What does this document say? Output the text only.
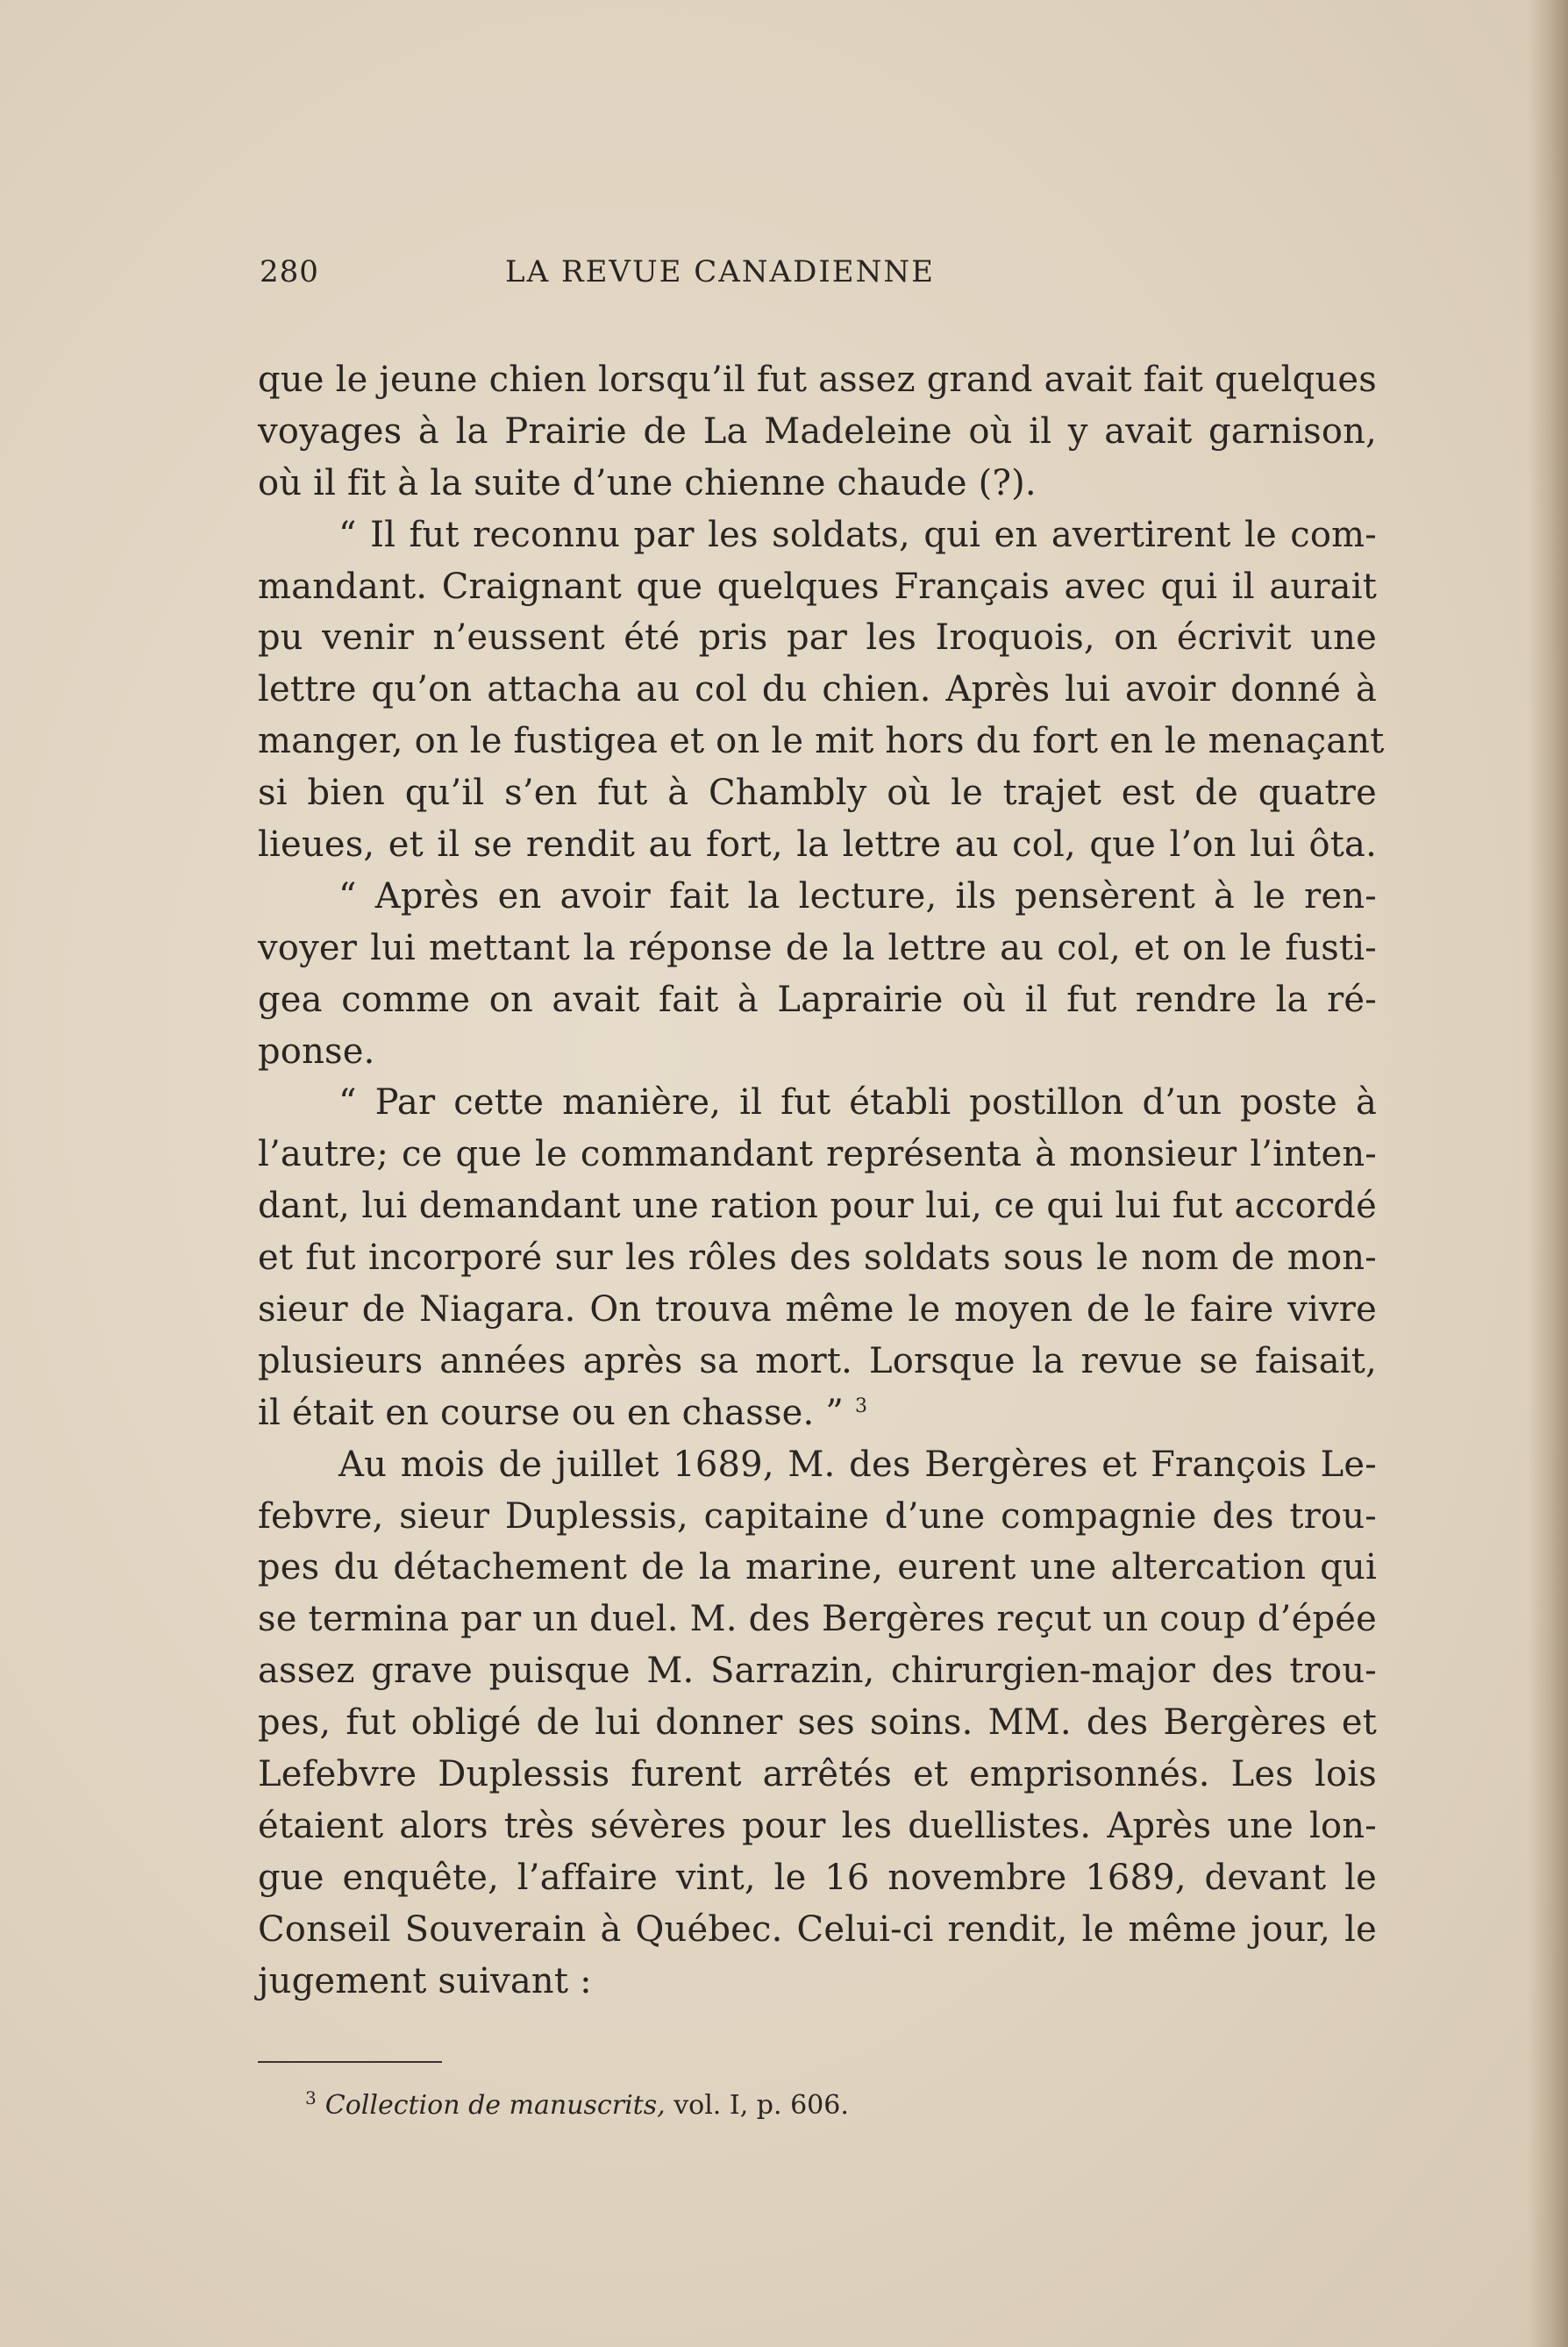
280	LA REVUE CANADIENNE
que le jeune chien lorsqu’il fut assez grand avait fait quelques
voyages à la Prairie de La Madeleine où il y avait garnison,
où il fit à la suite d’une chienne chaude (?).
“ Il fut reconnu par les soldats, qui en avertirent le com-
mandant. Craignant que quelques Français avec qui il aurait
pu venir n’eussent été pris par les Iroquois, on écrivit une
lettre qu’on attacha au col du chien. Après lui avoir donné à
manger, on le fustigea et on le mit hors du fort en le menaçant
si bien qu’il s’en fut à Chambly où le trajet est de quatre
lieues, et il se rendit au fort, la lettre au col, que l’on lui ôta.
“ Après en avoir fait la lecture, ils pensèrent à le ren-
voyer lui mettant la réponse de la lettre au col, et on le fusti-
gea comme on avait fait à Laprairie où il fut rendre la ré-
ponse.
“ Par cette manière, il fut établi postillon d’un poste à
l’autre; ce que le commandant représenta à monsieur l’inten-
dant, lui demandant une ration pour lui, ce qui lui fut accordé
et fut incorporé sur les rôles des soldats sous le nom de mon-
sieur de Niagara. On trouva même le moyen de le faire vivre
plusieurs années après sa mort. Lorsque la revue se faisait,
il était en course ou en chasse. ” $^3$
Au mois de juillet 1689, M. des Bergères et François Le-
febvre, sieur Duplessis, capitaine d’une compagnie des trou-
pes du détachement de la marine, eurent une altercation qui
se termina par un duel. M. des Bergères reçut un coup d’épée
assez grave puisque M. Sarrazin, chirurgien-major des trou-
pes, fut obligé de lui donner ses soins. MM. des Bergères et
Lefebvre Duplessis furent arrêtés et emprisonnés. Les lois
étaient alors très sévères pour les duellistes. Après une lon-
gue enquête, l’affaire vint, le 16 novembre 1689, devant le
Conseil Souverain à Québec. Celui-ci rendit, le même jour, le
jugement suivant :
$^3$ Collection de manuscrits, vol. I, p. 606.
